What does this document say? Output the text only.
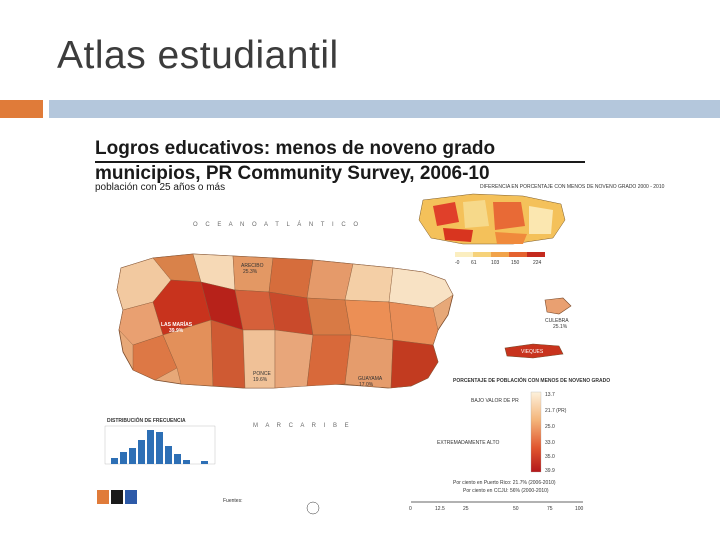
Atlas estudiantil
Logros educativos: menos de noveno grado
municipios, PR Community Survey, 2006-10
población con 25 años o más
O C E A N O A T L Á N T I C O
M A R C A R I B E
LAS MARÍAS
39.9%
ARECIBO
25.3%
PONCE
19.6%	GUAYAMA
17.0%
CULEBRA
25.1%
VIEQUES
DIFERENCIA EN PORCENTAJE CON MENOS DE NOVENO GRADO 2000 - 2010
-0 61	103 150	224
PORCENTAJE DE POBLACIÓN CON MENOS DE NOVENO GRADO
13.7
21.7 (PR)
25.0
33.0
35.0
39.9
BAJO VALOR DE PR
EXTREMADAMENTE ALTO
Por ciento en Puerto Rico: 21.7% (2006-2010)
Por ciento en CCJU: 56% (2000-2010)
DISTRIBUCIÓN DE FRECUENCIA
0	12.5	25	50	75	100
Fuentes:
